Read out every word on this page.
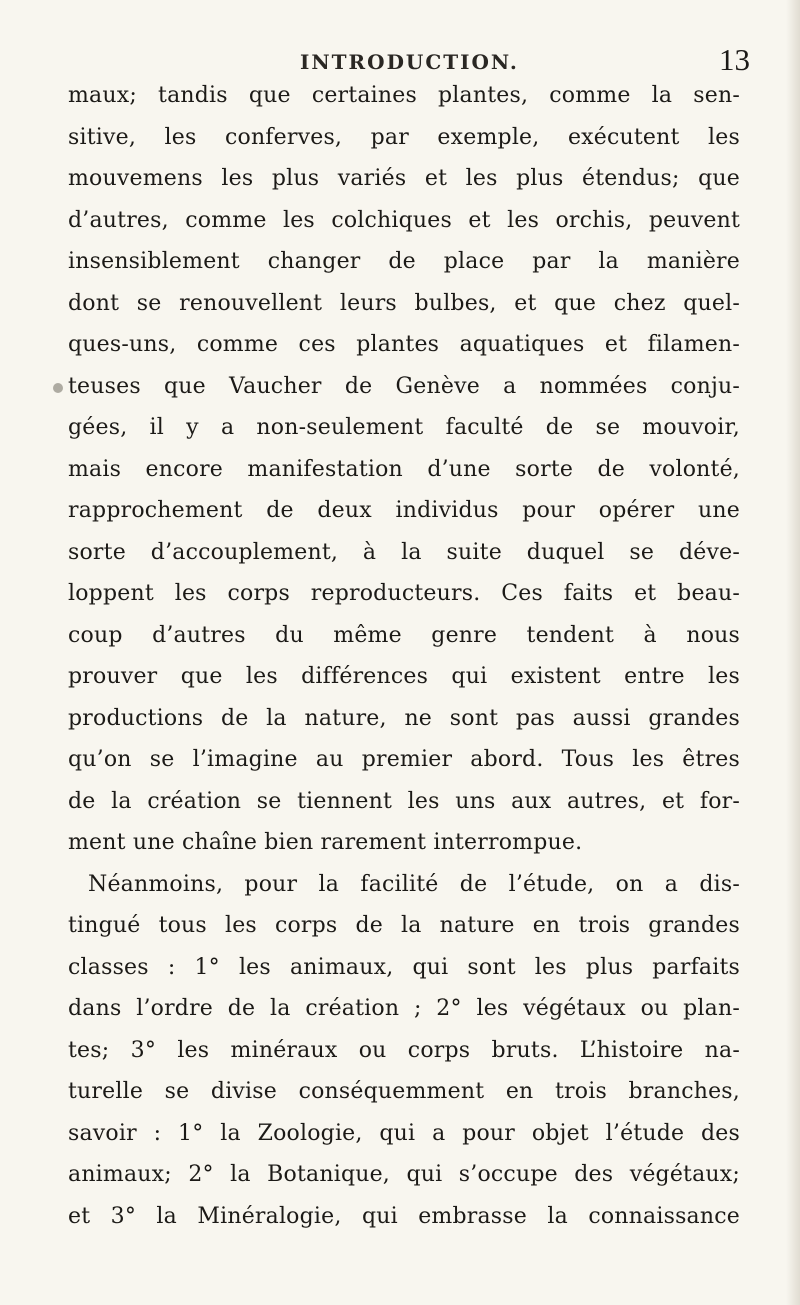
INTRODUCTION.	13
maux; tandis que certaines plantes, comme la sen-
sitive, les conferves, par exemple, exécutent les
mouvemens les plus variés et les plus étendus; que
d’autres, comme les colchiques et les orchis, peuvent
insensiblement changer de place par la manière
dont se renouvellent leurs bulbes, et que chez quel-
ques-uns, comme ces plantes aquatiques et filamen-
teuses que Vaucher de Genève a nommées conju-
gées, il y a non-seulement faculté de se mouvoir,
mais encore manifestation d’une sorte de volonté,
rapprochement de deux individus pour opérer une
sorte d’accouplement, à la suite duquel se déve-
loppent les corps reproducteurs. Ces faits et beau-
coup d’autres du même genre tendent à nous
prouver que les différences qui existent entre les
productions de la nature, ne sont pas aussi grandes
qu’on se l’imagine au premier abord. Tous les êtres
de la création se tiennent les uns aux autres, et for-
ment une chaîne bien rarement interrompue.
Néanmoins, pour la facilité de l’étude, on a dis-
tingué tous les corps de la nature en trois grandes
classes : 1° les animaux, qui sont les plus parfaits
dans l’ordre de la création ; 2° les végétaux ou plan-
tes; 3° les minéraux ou corps bruts. L’histoire na-
turelle se divise conséquemment en trois branches,
savoir : 1° la Zoologie, qui a pour objet l’étude des
animaux; 2° la Botanique, qui s’occupe des végétaux;
et 3° la Minéralogie, qui embrasse la connaissance
